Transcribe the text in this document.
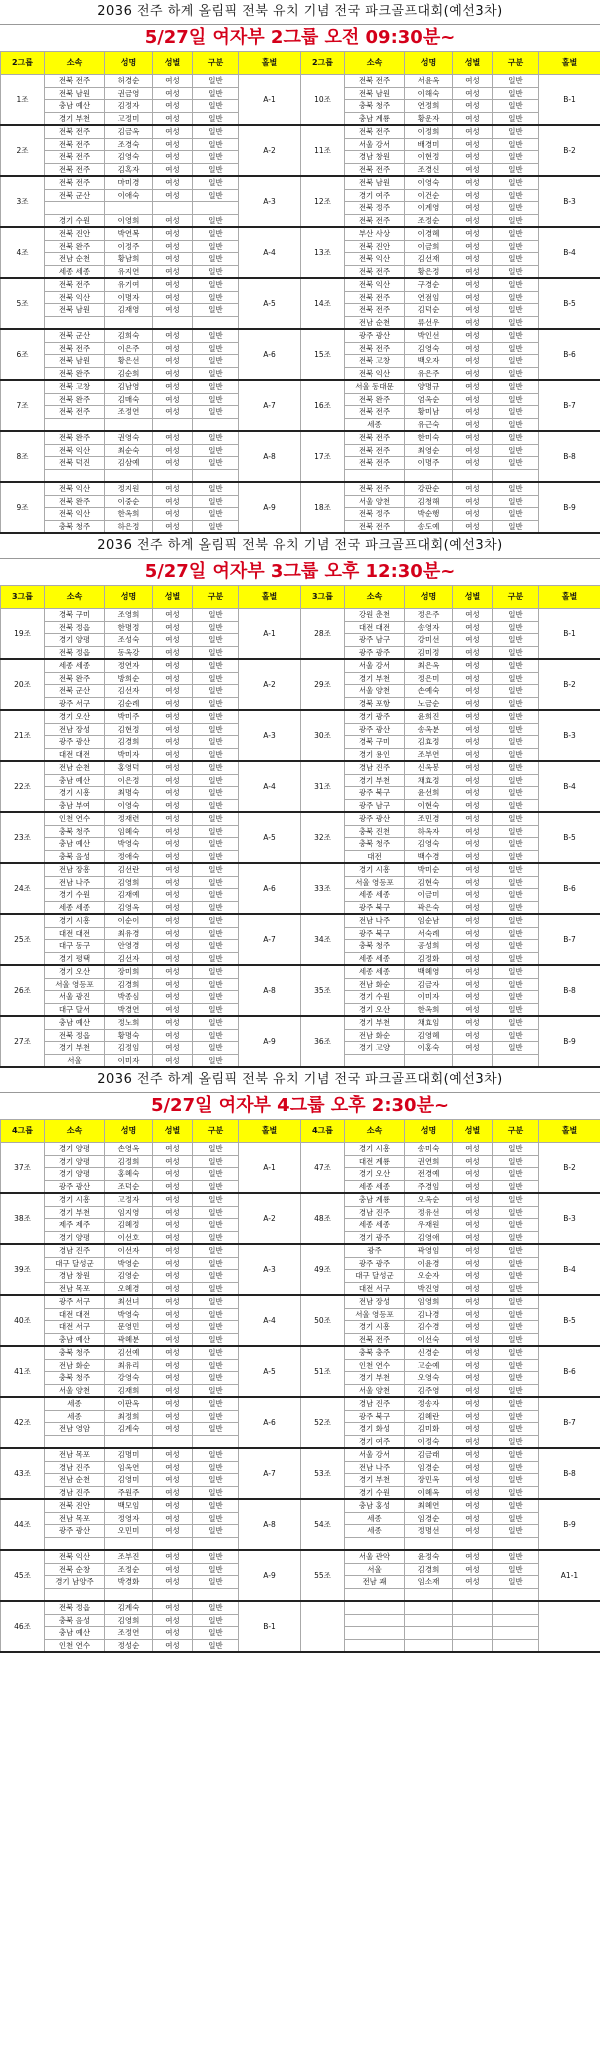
2036 전주 하계 올림픽 전북 유치 기념 전국 파크골프대회(예선3차)
5/27일 여자부 2그룹 오전 09:30분~
2그룹	소속	성명	성별	구분	홀별	2그룹	소속	성명	성별	구분	홀별
1조	전북 전주	허경순	여성	일반	A-1	10조	전북 전주	서윤옥	여성	일반	B-1
	전북 남원	권금영	여성	일반			전북 남원	이해숙	여성	일반	
	충남 예산	김정자	여성	일반			충북 청주	연정희	여성	일반	
	경기 부천	고정미	여성	일반			충남 계룡	황운자	여성	일반	
2조	전북 전주	김금옥	여성	일반	A-2	11조	전북 전주	이정희	여성	일반	B-2
	전북 전주	조경숙	여성	일반			서울 강서	배경미	여성	일반	
	전북 전주	김영숙	여성	일반			경남 창원	이현정	여성	일반	
	전북 전주	김혹자	여성	일반			전북 전주	조경신	여성	일반	
3조	전북 전주	마미경	여성	일반	A-3	12조	전북 남원	이영숙	여성	일반	B-3
	전북 군산	이애숙	여성	일반			경기 여주	이건순	여성	일반	
							전북 정주	이계영	여성	일반	
	경기 수원	이영희	여성	일반			전북 전주	조정순	여성	일반	
4조	전북 진안	박연복	여성	일반	A-4	13조	부산 사상	이경혜	여성	일반	B-4
	전북 완주	이정주	여성	일반			전북 진안	이금희	여성	일반	
	전남 순천	황남희	여성	일반			전북 익산	김선재	여성	일반	
	세종 세종	유지연	여성	일반			전북 전주	황은정	여성	일반	
5조	전북 전주	유기여	여성	일반	A-5	14조	전북 익산	구경순	여성	일반	B-5
	전북 익산	이명자	여성	일반			전북 전주	연점임	여성	일반	
	전북 남원	김재영	여성	일반			전북 전주	김덕순	여성	일반	
							전남 순천	류선우	여성	일반	
6조	전북 군산	김희숙	여성	일반	A-6	15조	광주 광산	박인선	여성	일반	B-6
	전북 전주	이은주	여성	일반			전북 전주	김영숙	여성	일반	
	전북 남원	황은선	여성	일반			전북 고창	백오자	여성	일반	
	전북 완주	김순희	여성	일반			전북 익산	유은주	여성	일반	
7조	전북 고창	김남영	여성	일반	A-7	16조	서울 동대문	양명규	여성	일반	B-7
	전북 완주	김매숙	여성	일반			전북 완주	엄옥순	여성	일반	
	전북 전주	조정연	여성	일반			전북 전주	황미남	여성	일반	
							세종	유근숙	여성	일반	
8조	전북 완주	권영숙	여성	일반	A-8	17조	전북 전주	한미숙	여성	일반	B-8
	전북 익산	최순숙	여성	일반			전북 전주	최영순	여성	일반	
	전북 덕진	김삼예	여성	일반			전북 전주	이명주	여성	일반	

9조	전북 익산	정지원	여성	일반	A-9	18조	전북 전주	강판순	여성	일반	B-9
	전북 완주	이중순	여성	일반			서울 양천	김청해	여성	일반	
	전북 익산	한옥희	여성	일반			전북 정주	박순행	여성	일반	
	충북 청주	하은정	여성	일반			전북 전주	송도예	여성	일반	
2036 전주 하계 올림픽 전북 유치 기념 전국 파크골프대회(예선3차)
5/27일 여자부 3그룹 오후 12:30분~
3그룹	소속	성명	성별	구분	홀별	3그룹	소속	성명	성별	구분	홀별
19조	경북 구미	조영희	여성	일반	A-1	28조	강원 춘천	정은주	여성	일반	B-1
	전북 정읍	한명정	여성	일반			대전 대전	송영자	여성	일반	
	경기 양평	조성숙	여성	일반			광주 남구	강미선	여성	일반	
	전북 정읍	동옥강	여성	일반			광주 광주	김미정	여성	일반	
20조	세종 세종	정연자	여성	일반	A-2	29조	서울 강서	최은옥	여성	일반	B-2
	전북 완주	방희순	여성	일반			경기 부천	정은미	여성	일반	
	전북 군산	김선자	여성	일반			서울 양천	손예숙	여성	일반	
	광주 서구	김순례	여성	일반			경북 포항	노금순	여성	일반	
21조	경기 오산	박미주	여성	일반	A-3	30조	경기 광주	윤희진	여성	일반	B-3
	전남 장성	김현정	여성	일반			광주 광산	송옥분	여성	일반	
	광주 광산	김경희	여성	일반			경북 구미	김효정	여성	일반	
	대전 대전	박미자	여성	일반			경기 용인	조부연	여성	일반	
22조	전남 순천	홍영덕	여성	일반	A-4	31조	경남 진주	신옥봉	여성	일반	B-4
	충남 예산	이은정	여성	일반			경기 부천	채효정	여성	일반	
	경기 시흥	최명숙	여성	일반			광주 북구	윤선희	여성	일반	
	충남 부여	이영숙	여성	일반			광주 남구	이현숙	여성	일반	
23조	인천 연수	정재련	여성	일반	A-5	32조	광주 광산	조민경	여성	일반	B-5
	충북 청주	임혜숙	여성	일반			충북 진천	하옥자	여성	일반	
	충남 예산	박영숙	여성	일반			충북 청주	김영숙	여성	일반	
	충북 음성	정애숙	여성	일반			대전	백수경	여성	일반	
24조	전남 장흥	김선란	여성	일반	A-6	33조	경기 시흥	박미순	여성	일반	B-6
	전남 나주	김영희	여성	일반			서울 영등포	김현숙	여성	일반	
	경기 수원	김재예	여성	일반			세종 세종	이금미	여성	일반	
	세종 세종	김영옥	여성	일반			광주 북구	곽은숙	여성	일반	
25조	경기 시흥	이순이	여성	일반	A-7	34조	전남 나주	임순남	여성	일반	B-7
	대전 대전	최유경	여성	일반			광주 북구	서숙례	여성	일반	
	대구 동구	안영경	여성	일반			충북 청주	공성희	여성	일반	
	경기 평택	김선자	여성	일반			세종 세종	김정화	여성	일반	
26조	경기 오산	장미희	여성	일반	A-8	35조	세종 세종	백혜영	여성	일반	B-8
	서울 영등포	김경희	여성	일반			전남 화순	김금자	여성	일반	
	서울 광진	박종심	여성	일반			경기 수원	이미자	여성	일반	
	대구 달서	박경연	여성	일반			경기 오산	한옥희	여성	일반	
27조	충남 예산	정노희	여성	일반	A-9	36조	경기 부천	채효임	여성	일반	B-9
	전북 정읍	황명숙	여성	일반			전남 화순	김영혜	여성	일반	
	경기 부천	김정임	여성	일반			경기 고양	이홍숙	여성	일반	
	서울	이미자	여성	일반							
2036 전주 하계 올림픽 전북 유치 기념 전국 파크골프대회(예선3차)
5/27일 여자부 4그룹 오후 2:30분~
4그룹	소속	성명	성별	구분	홀별	4그룹	소속	성명	성별	구분	홀별
37조	경기 양평	손영옥	여성	일반	A-1	47조	경기 시흥	송미숙	여성	일반	B-2
	경기 양평	김정희	여성	일반			대전 계룡	권연희	여성	일반	
	경기 양평	홍혜숙	여성	일반			경기 오산	전경예	여성	일반	
	광주 광산	조덕순	여성	일반			세종 세종	주경임	여성	일반	
38조	경기 시흥	고정자	여성	일반	A-2	48조	충남 계룡	오옥순	여성	일반	B-3
	경기 부천	임지영	여성	일반			경남 진주	정유선	여성	일반	
	제주 제주	김혜정	여성	일반			세종 세종	우재원	여성	일반	
	경기 양평	이선호	여성	일반			경기 광주	김영애	여성	일반	
39조	경남 진주	이선자	여성	일반	A-3	49조	광주	곽영임	여성	일반	B-4
	대구 달성군	박영순	여성	일반			광주 광주	이윤경	여성	일반	
	경남 창원	김영순	여성	일반			대구 달성군	오순자	여성	일반	
	전남 목포	오혜경	여성	일반			대전 서구	박진영	여성	일반	
40조	광주 서구	최선녀	여성	일반	A-4	50조	전남 장성	임영희	여성	일반	B-5
	대전 대전	박영숙	여성	일반			서울 영등포	김나경	여성	일반	
	대전 서구	문영민	여성	일반			경기 시흥	김수경	여성	일반	
	충남 예산	곽혜분	여성	일반			전북 전주	이선숙	여성	일반	
41조	충북 청주	김선예	여성	일반	A-5	51조	충북 충주	신경순	여성	일반	B-6
	전남 화순	최유리	여성	일반			인천 연수	고순예	여성	일반	
	충북 청주	강영숙	여성	일반			경기 부천	오영숙	여성	일반	
	서울 양천	김재희	여성	일반			서울 양천	김주영	여성	일반	
42조	세종	이판옥	여성	일반	A-6	52조	경남 진주	정송자	여성	일반	B-7
	세종	최정희	여성	일반			광주 북구	김혜란	여성	일반	
	전남 영암	김계숙	여성	일반			경기 화성	김미화	여성	일반	
							경기 여주	이정숙	여성	일반	
43조	전남 목포	김명미	여성	일반	A-7	53조	서울 강서	김금래	여성	일반	B-8
	경남 진주	임옥연	여성	일반			전남 나주	임경순	여성	일반	
	전남 순천	김영미	여성	일반			경기 부천	장민옥	여성	일반	
	경남 진주	주원주	여성	일반			경기 수원	이혜옥	여성	일반	
44조	전북 진안	백모임	여성	일반	A-8	54조	충남 홍성	최혜연	여성	일반	B-9
	전남 목포	정영자	여성	일반			세종	임경순	여성	일반	
	광주 광산	오민미	여성	일반			세종	정명선	여성	일반	

45조	전북 익산	조부진	여성	일반	A-9	55조	서울 관악	윤정숙	여성	일반	A1-1
	전북 순창	조정순	여성	일반			서울	김경희	여성	일반	
	경기 남양주	박경화	여성	일반			전남 괘	임소재	여성	일반	

46조	전북 정읍	김계숙	여성	일반	B-1						
	충북 음성	김영희	여성	일반							
	충남 예산	조정연	여성	일반							
	인천 연수	정성순	여성	일반							
